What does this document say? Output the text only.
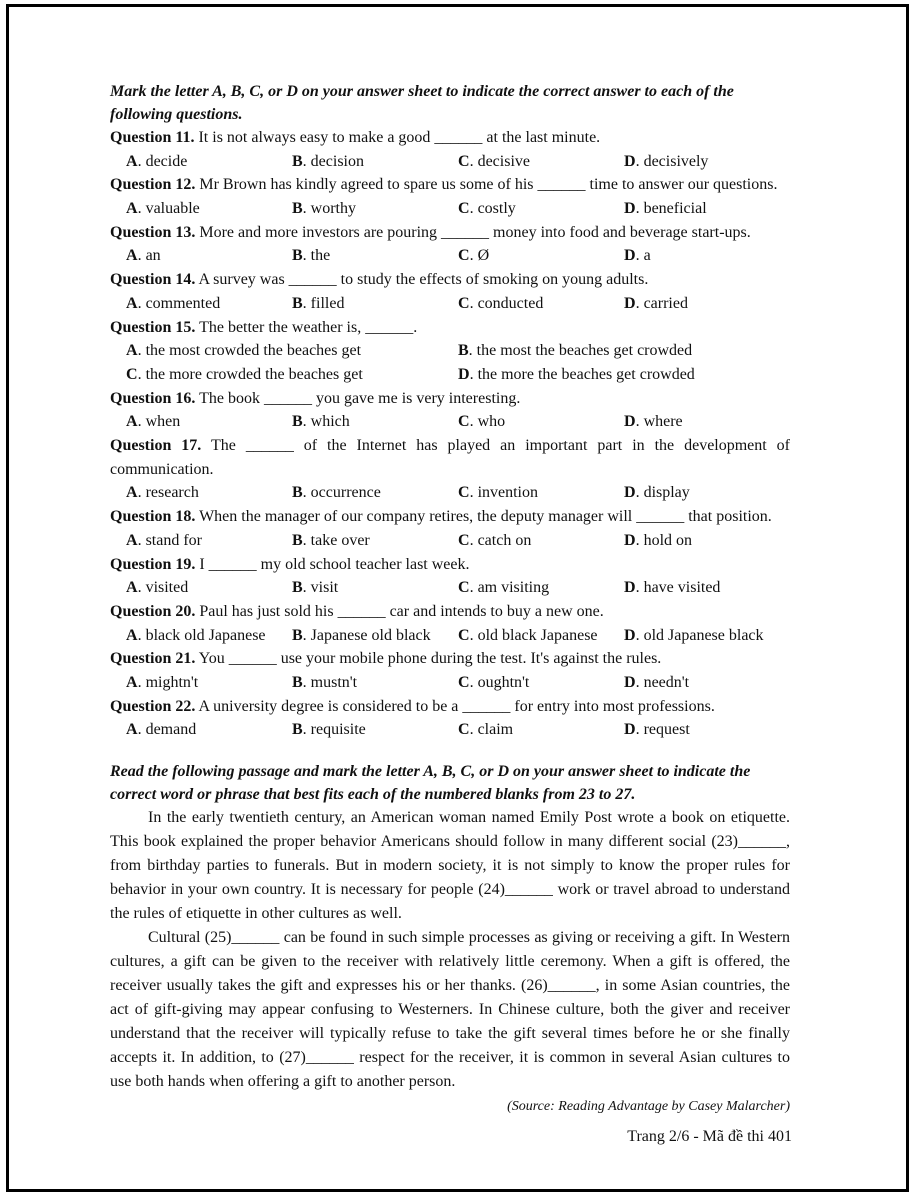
Mark the letter A, B, C, or D on your answer sheet to indicate the correct answer to each of the following questions.

Question 11. It is not always easy to make a good ______ at the last minute.

A. decide	B. decision	C. decisive	D. decisively

Question 12. Mr Brown has kindly agreed to spare us some of his ______ time to answer our questions.

A. valuable	B. worthy	C. costly	D. beneficial

Question 13. More and more investors are pouring ______ money into food and beverage start-ups.

A. an	B. the	C. Ø	D. a

Question 14. A survey was ______ to study the effects of smoking on young adults.

A. commented	B. filled	C. conducted	D. carried

Question 15. The better the weather is, ______.

A. the most crowded the beaches get	B. the most the beaches get crowded
C. the more crowded the beaches get	D. the more the beaches get crowded

Question 16. The book ______ you gave me is very interesting.

A. when	B. which	C. who	D. where

Question 17. The ______ of the Internet has played an important part in the development of communication.

A. research	B. occurrence	C. invention	D. display

Question 18. When the manager of our company retires, the deputy manager will ______ that position.

A. stand for	B. take over	C. catch on	D. hold on

Question 19. I ______ my old school teacher last week.

A. visited	B. visit	C. am visiting	D. have visited

Question 20. Paul has just sold his ______ car and intends to buy a new one.

A. black old Japanese	B. Japanese old black	C. old black Japanese	D. old Japanese black

Question 21. You ______ use your mobile phone during the test. It's against the rules.

A. mightn't	B. mustn't	C. oughtn't	D. needn't

Question 22. A university degree is considered to be a ______ for entry into most professions.

A. demand	B. requisite	C. claim	D. request

Read the following passage and mark the letter A, B, C, or D on your answer sheet to indicate the correct word or phrase that best fits each of the numbered blanks from 23 to 27.

In the early twentieth century, an American woman named Emily Post wrote a book on etiquette. This book explained the proper behavior Americans should follow in many different social (23)______, from birthday parties to funerals. But in modern society, it is not simply to know the proper rules for behavior in your own country. It is necessary for people (24)______ work or travel abroad to understand the rules of etiquette in other cultures as well.

Cultural (25)______ can be found in such simple processes as giving or receiving a gift. In Western cultures, a gift can be given to the receiver with relatively little ceremony. When a gift is offered, the receiver usually takes the gift and expresses his or her thanks. (26)______, in some Asian countries, the act of gift-giving may appear confusing to Westerners. In Chinese culture, both the giver and receiver understand that the receiver will typically refuse to take the gift several times before he or she finally accepts it. In addition, to (27)______ respect for the receiver, it is common in several Asian cultures to use both hands when offering a gift to another person.

(Source: Reading Advantage by Casey Malarcher)

Trang 2/6 - Mã đề thi 401
